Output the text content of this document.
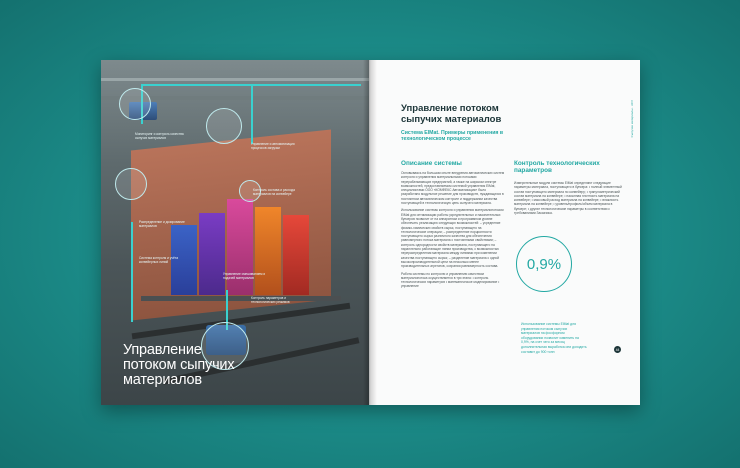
Мониторинг и контроль качества сыпучих материалов
Управление и автоматизация процессов загрузки
Контроль состава и расхода материалов на конвейере
Распределение и дозирование материалов
Система контроля и учёта конвейерных линий
Управление смешиванием и подачей материалов
Контроль параметров и технологических режимов
Управление
потоком сыпучих
материалов
Сыпучие материалы · АСУ
Управление потоком
сыпучих материалов
Система ElMat. Примеры применения в технологическом процессе
Описание системы

Основываясь на большом опыте внедрения автоматических систем контроля и управления материальными потоками перерабатывающих предприятий, а также на широком спектре возможностей, предоставляемом системой управления ElMat, специалистами ООО «КОМФЕКС Автоматизация» было разработано модульное решение для производств, нуждающихся в постоянном автоматическом контроле и поддержании качества поступающей в технологическую цепь сыпучего материала.

Использование системы контроля и управления материалопотоком ElMat для оптимизации работы усреднительных и накопительных бункеров позволит от на аппаратном и программном уровне обеспечить реализацию следующих возможностей: – усреднение физико-химических свойств сырья, поступающего на технологические операции; – распределение порционности поступающего сырья различного качества для обеспечения равномерного потока материала с постоянными свойствами; – контроль однородности свойств материала, поступающего на параллельно работающие линии производства, с возможностью перераспределения материала между линиями при изменении качества поступающего сырья; – разделение материала с одной высокопроизводительной цепи на несколько менее производительных агрегатов, сохраняя равномерность состава.

Работа системы по контролю и управлению качеством материалопотока осуществляется в три этапа: • контроль технологических параметров • математическое моделирование • управление

Контроль технологических
параметров

Измерительные модули системы ElMat определяют следующие параметры материала, поступающего в бункера: • полный элементный состав поступающего материала по конвейеру; • гранулометрический состав материала на конвейере; • насыпная плотность материала на конвейере; • массовый расход материала на конвейере; • влажность материала на конвейере; • уровень/профиль/объем материала в бункере; • другие технологические параметры в соответствии с требованиями Заказчика.

0,9%
Использование системы ElMat для управления потоком сыпучих материалов на фосфорном оборудовании позволит изменить на 0,9%, на счет чего за месяц дополнительная выработка они доходить составит до 900 тонн
44
